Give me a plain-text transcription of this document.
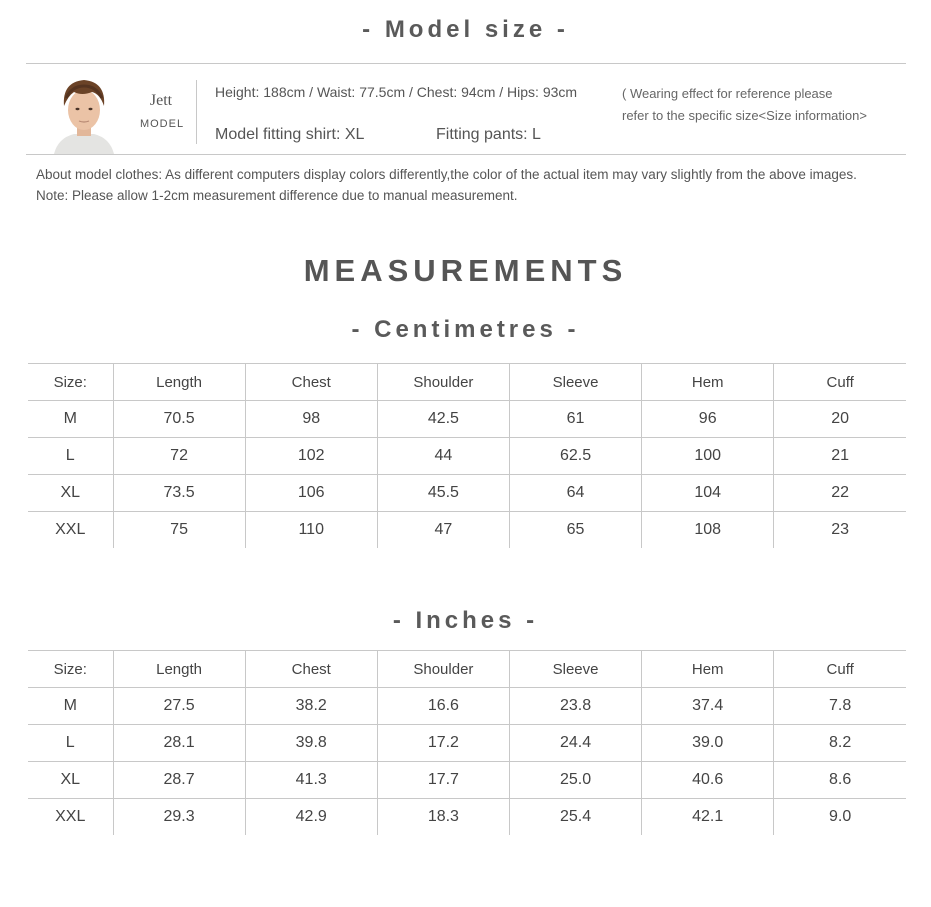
- Model size -
Jett
MODEL
Height: 188cm / Waist: 77.5cm / Chest: 94cm / Hips: 93cm
Model fitting shirt: XL	Fitting pants: L
( Wearing effect for reference please
refer to the specific size<Size information>
About model clothes: As different computers display colors differently,the color of the actual item may vary slightly from the above images.
Note: Please allow 1-2cm measurement difference due to manual measurement.
MEASUREMENTS
- Centimetres -
Size:	Length	Chest	Shoulder	Sleeve	Hem	Cuff
M	70.5	98	42.5	61	96	20
L	72	102	44	62.5	100	21
XL	73.5	106	45.5	64	104	22
XXL	75	110	47	65	108	23
- Inches -
Size:	Length	Chest	Shoulder	Sleeve	Hem	Cuff
M	27.5	38.2	16.6	23.8	37.4	7.8
L	28.1	39.8	17.2	24.4	39.0	8.2
XL	28.7	41.3	17.7	25.0	40.6	8.6
XXL	29.3	42.9	18.3	25.4	42.1	9.0
